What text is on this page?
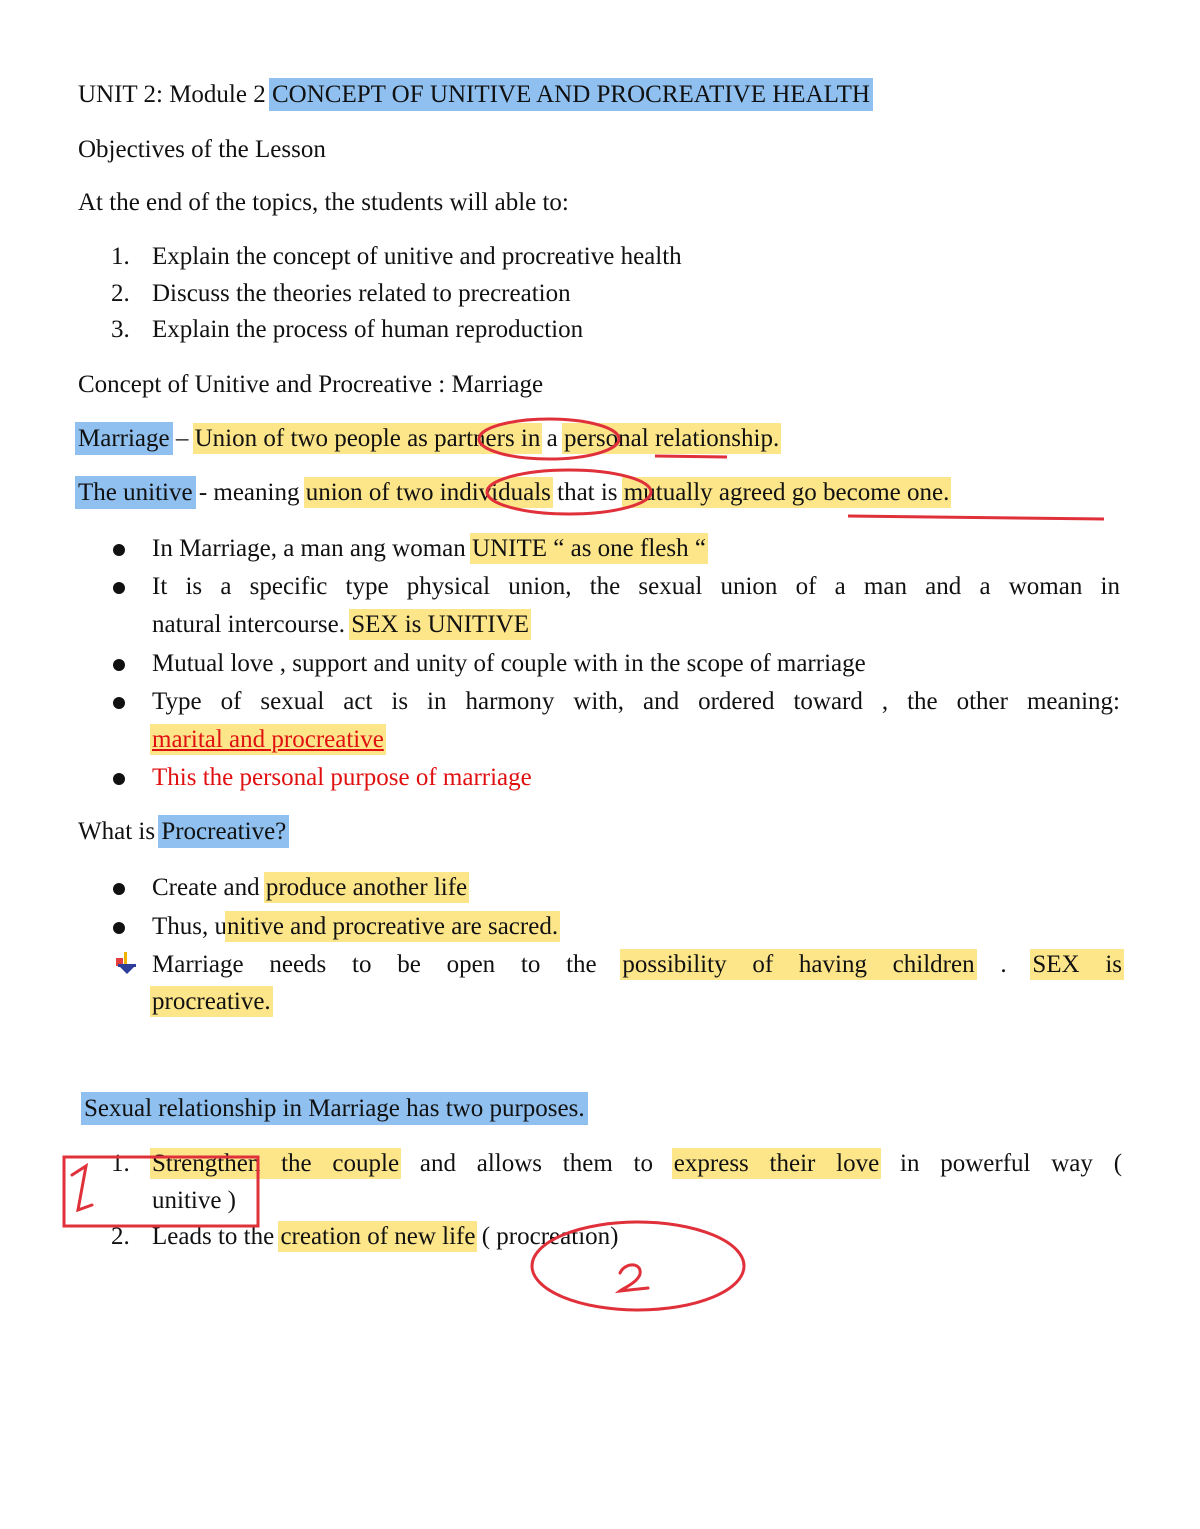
UNIT 2: Module 2 CONCEPT OF UNITIVE AND PROCREATIVE HEALTH
Objectives of the Lesson
At the end of the topics, the students will able to:
1. Explain the concept of unitive and procreative health
2. Discuss the theories related to precreation
3. Explain the process of human reproduction
Concept of Unitive and Procreative : Marriage
Marriage – Union of two people as partners in a personal relationship.
The unitive - meaning union of two individuals that is mutually agreed go become one.
In Marriage, a man ang woman UNITE “ as one flesh “
It is a specific type physical union, the sexual union of a man and a woman in
natural intercourse. SEX is UNITIVE
Mutual love , support and unity of couple with in the scope of marriage
Type of sexual act is in harmony with, and ordered toward , the other meaning:
marital and procreative
This the personal purpose of marriage
What is Procreative?
Create and produce another life
Thus, unitive and procreative are sacred.
Marriage needs to be open to the possibility of having children . SEX is
procreative.
Sexual relationship in Marriage has two purposes.
1. Strengthen the couple and allows them to express their love in powerful way (
unitive )
2. Leads to the creation of new life ( procreation)
